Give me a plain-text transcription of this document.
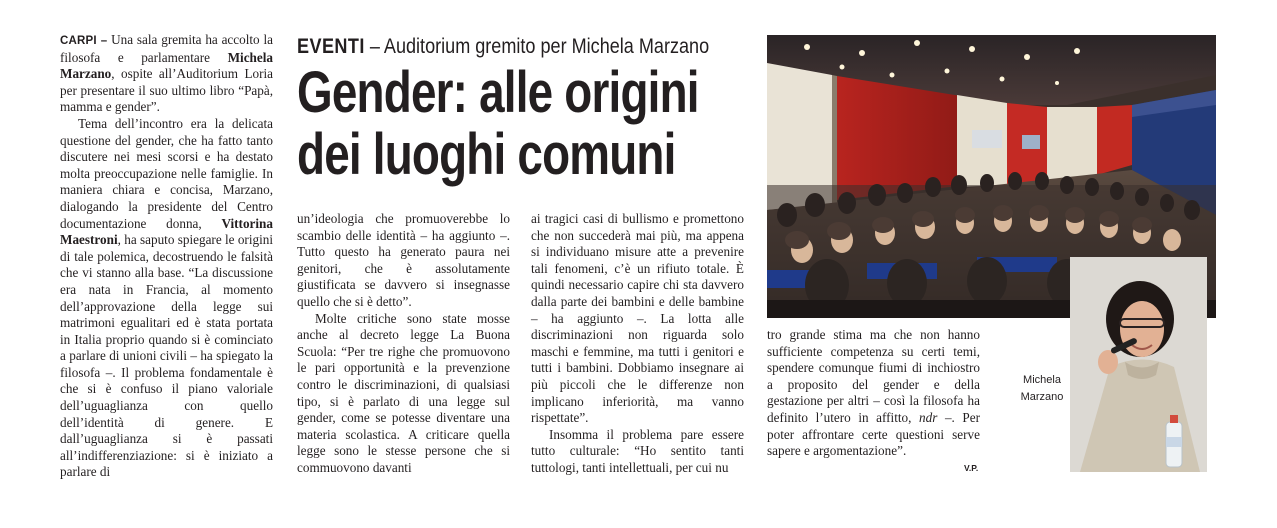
EVENTI – Auditorium gremito per Michela Marzano
Gender: alle origini
dei luoghi comuni

CARPI – Una sala gremita ha accolto la filosofa e parlamentare Michela Marzano, ospite all’Auditorium Loria per presentare il suo ultimo libro “Papà, mamma e gender”.

Tema dell’incontro era la delicata questione del gender, che ha fatto tanto discutere nei mesi scorsi e ha destato molta preoccupazione nelle famiglie. In maniera chiara e concisa, Marzano, dialogando la presidente del Centro documentazione donna, Vittorina Maestroni, ha saputo spiegare le origini di tale polemica, decostruendo le falsità che vi stanno alla base. “La discussione era nata in Francia, al momento dell’approvazione della legge sui matrimoni egualitari ed è stata portata in Italia proprio quando si è cominciato a parlare di unioni civili – ha spiegato la filosofa –. Il problema fondamentale è che si è confuso il piano valoriale dell’uguaglianza con quello dell’identità di genere. E dall’uguaglianza si è passati all’indifferenziazione: si è iniziato a parlare di

un’ideologia che promuoverebbe lo scambio delle identità – ha aggiunto –. Tutto questo ha generato paura nei genitori, che è assolutamente giustificata se davvero si insegnasse quello che si è detto”.

Molte critiche sono state mosse anche al decreto legge La Buona Scuola: “Per tre righe che promuovono le pari opportunità e la prevenzione contro le discriminazioni, di qualsiasi tipo, si è parlato di una legge sul gender, come se potesse diventare una materia scolastica. A criticare quella legge sono le stesse persone che si commuovono davanti

ai tragici casi di bullismo e promettono che non succederà mai più, ma appena si individuano misure atte a prevenire tali fenomeni, c’è un rifiuto totale. È quindi necessario capire chi sta davvero dalla parte dei bambini e delle bambine – ha aggiunto –. La lotta alle discriminazioni non riguarda solo maschi e femmine, ma tutti i genitori e tutti i bambini. Dobbiamo insegnare ai più piccoli che le differenze non implicano inferiorità, ma vanno rispettate”.

Insomma il problema pare essere tutto culturale: “Ho sentito tanti tuttologi, tanti intellettuali, per cui nu

tro grande stima ma che non hanno sufficiente competenza su certi temi, spendere comunque fiumi di inchiostro a proposito del gender e della gestazione per altri – così la filosofa ha definito l’utero in affitto, ndr –. Per poter affrontare certe questioni serve sapere e argomentazione”.

V.P.
Michela
Marzano
